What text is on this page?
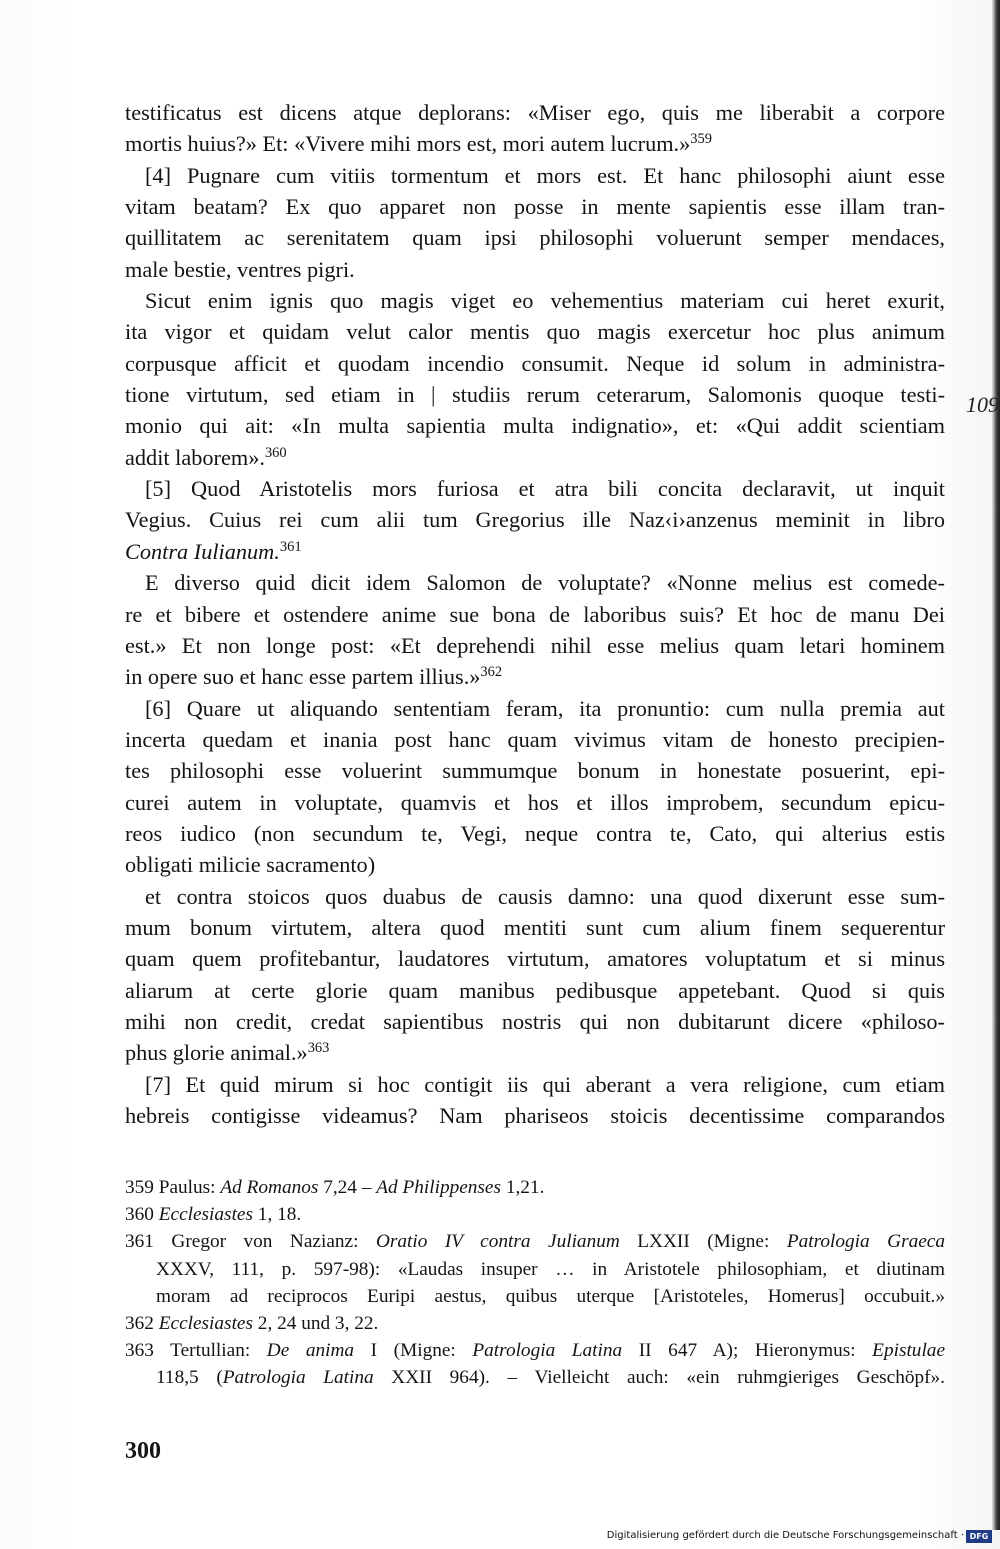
testificatus est dicens atque deplorans: «Miser ego, quis me liberabit a corpore
mortis huius?» Et: «Vivere mihi mors est, mori autem lucrum.»$^{359}$
[4] Pugnare cum vitiis tormentum et mors est. Et hanc philosophi aiunt esse
vitam beatam? Ex quo apparet non posse in mente sapientis esse illam tran-
quillitatem ac serenitatem quam ipsi philosophi voluerunt semper mendaces,
male bestie, ventres pigri.
Sicut enim ignis quo magis viget eo vehementius materiam cui heret exurit,
ita vigor et quidam velut calor mentis quo magis exercetur hoc plus animum
corpusque afficit et quodam incendio consumit. Neque id solum in administra-
tione virtutum, sed etiam in | studiis rerum ceterarum, Salomonis quoque testi-
monio qui ait: «In multa sapientia multa indignatio», et: «Qui addit scientiam
addit laborem».$^{360}$
[5] Quod Aristotelis mors furiosa et atra bili concita declaravit, ut inquit
Vegius. Cuius rei cum alii tum Gregorius ille Naz‹i›anzenus meminit in libro
Contra Iulianum.$^{361}$
E diverso quid dicit idem Salomon de voluptate? «Nonne melius est comede-
re et bibere et ostendere anime sue bona de laboribus suis? Et hoc de manu Dei
est.» Et non longe post: «Et deprehendi nihil esse melius quam letari hominem
in opere suo et hanc esse partem illius.»$^{362}$
[6] Quare ut aliquando sententiam feram, ita pronuntio: cum nulla premia aut
incerta quedam et inania post hanc quam vivimus vitam de honesto precipien-
tes philosophi esse voluerint summumque bonum in honestate posuerint, epi-
curei autem in voluptate, quamvis et hos et illos improbem, secundum epicu-
reos iudico (non secundum te, Vegi, neque contra te, Cato, qui alterius estis
obligati milicie sacramento)
et contra stoicos quos duabus de causis damno: una quod dixerunt esse sum-
mum bonum virtutem, altera quod mentiti sunt cum alium finem sequerentur
quam quem profitebantur, laudatores virtutum, amatores voluptatum et si minus
aliarum at certe glorie quam manibus pedibusque appetebant. Quod si quis
mihi non credit, credat sapientibus nostris qui non dubitarunt dicere «philoso-
phus glorie animal.»$^{363}$
[7] Et quid mirum si hoc contigit iis qui aberant a vera religione, cum etiam
hebreis contigisse videamus? Nam phariseos stoicis decentissime comparandos
109
359 Paulus: Ad Romanos 7,24 – Ad Philippenses 1,21.
360 Ecclesiastes 1, 18.
361 Gregor von Nazianz: Oratio IV contra Julianum LXXII (Migne: Patrologia Graeca
XXXV, 111, p. 597-98): «Laudas insuper … in Aristotele philosophiam, et diutinam
moram ad reciprocos Euripi aestus, quibus uterque [Aristoteles, Homerus] occubuit.»
362 Ecclesiastes 2, 24 und 3, 22.
363 Tertullian: De anima I (Migne: Patrologia Latina II 647 A); Hieronymus: Epistulae
118,5 (Patrologia Latina XXII 964). – Vielleicht auch: «ein ruhmgieriges Geschöpf».
300
Digitalisierung gefördert durch die Deutsche Forschungsgemeinschaft · DFG
